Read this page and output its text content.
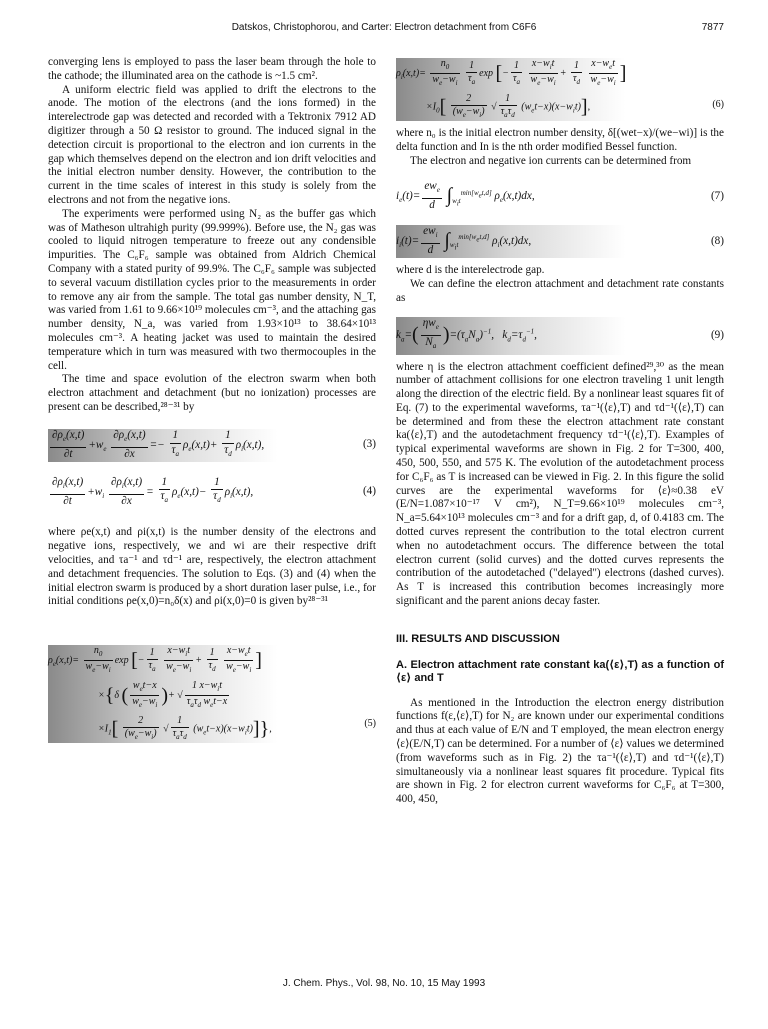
Datskos, Christophorou, and Carter: Electron detachment from C6F6	7877

converging lens is employed to pass the laser beam through the hole to the cathode; the illuminated area on the cathode is ~1.5 cm².

A uniform electric field was applied to drift the electrons to the anode. The motion of the electrons (and the ions formed) in the interelectrode gap was detected and recorded with a Tektronix 7912 AD digitizer through a 50 Ω resistor to ground. The induced signal in the detection circuit is proportional to the electron and ion currents in the gap which themselves depend on the electron and ion drift velocities and the initial electron number density. However, the contribution to the current in the time scales of interest in this study is solely from the electrons and not from the negative ions.

The experiments were performed using N₂ as the buffer gas which was of Matheson ultrahigh purity (99.999%). Before use, the N₂ gas was cooled to liquid nitrogen temperature to freeze out any condensible impurities. The C₆F₆ sample was obtained from Aldrich Chemical Company with a stated purity of 99.9%. The C₆F₆ sample was subjected to several vacuum distillation cycles prior to the measurements in order to remove any air from the sample. The total gas number density, N_T, was varied from 1.61 to 9.66×10¹⁹ molecules cm⁻³, and the attaching gas number density, N_a, was varied from 1.93×10¹³ to 38.64×10¹³ molecules cm⁻³. A heating jacket was used to maintain the desired temperature which in turn was measured with two thermocouples in the cell.

The time and space evolution of the electron swarm when both electron attachment and detachment (but no ionization) processes are present can be described,²⁸⁻³¹ by

$\frac{\partial\rho_e(x,t)}{\partial t} +w_e \frac{\partial\rho_e(x,t)}{\partial x} =- \frac{1}{\tau_a} \rho_e(x,t)+ \frac{1}{\tau_d} \rho_i(x,t)$,	(3)
$\frac{\partial\rho_i(x,t)}{\partial t} +w_i \frac{\partial\rho_i(x,t)}{\partial x} = \frac{1}{\tau_a} \rho_e(x,t)- \frac{1}{\tau_d} \rho_i(x,t)$,	(4)

where ρe(x,t) and ρi(x,t) is the number density of the electrons and negative ions, respectively, we and wi are their respective drift velocities, and τa⁻¹ and τd⁻¹ are, respectively, the electron attachment and detachment frequencies. The solution to Eqs. (3) and (4) when the initial electron swarm is produced by a short duration laser pulse, i.e., for initial conditions ρe(x,0)=n₀δ(x) and ρi(x,0)=0 is given by²⁸⁻³¹

$\rho_e(x,t)= \frac{n_0}{w_e-w_i}$ exp [− $\frac{1}{\tau_a}$
$\frac{x-w_it}{w_e-w_i} + \frac{1}{\tau_d}$
$\frac{x-w_et}{w_e-w_i}$ ]
×{δ ( $\frac{w_et-x}{w_e-w_i}$ )+ √ $\frac{1 x-w_it}{\tau_a\tau_d w_et-x}$
$\times I_1[ \frac{2}{(w_e-w_i)}$ √ $\frac{1}{\tau_a\tau_d} (w_et-x)(x-w_it)$]},
(5)
$\rho_i(x,t)= \frac{n_0}{w_e-w_i}$
$\frac{1}{\tau_a}$ exp [− $\frac{1}{\tau_a}$
$\frac{x-w_it}{w_e-w_i} + \frac{1}{\tau_d}$
$\frac{x-w_et}{w_e-w_i}$ ]
$\times I_0[ \frac{2}{(w_e-w_i)}$ √ $\frac{1}{\tau_a\tau_d} (w_et-x)(x-w_it)$],	(6)

where n₀ is the initial electron number density, δ[(wet−x)/(we−wi)] is the delta function and In is the nth order modified Bessel function.

The electron and negative ion currents can be determined from

$i_e(t)= \frac{ew_e}{d} \int_{w_it}^{min[w_et,d]}$ $\rho_e(x,t)dx$,	(7)
$i_i(t)= \frac{ew_i}{d} \int_{w_it}^{min[w_et,d]}$ $\rho_i(x,t)dx$,	(8)

where d is the interelectrode gap.

We can define the electron attachment and detachment rate constants as

$k_a=( \frac{\eta w_e}{N_a} )=(\tau_aN_a)^{-1}$,   $k_d=\tau_d^{-1}$,	(9)

where η is the electron attachment coefficient defined²⁹,³⁰ as the mean number of attachment collisions for one electron traveling 1 unit length along the direction of the electric field. By a nonlinear least squares fit of Eq. (7) to the experimental waveforms, τa⁻¹(⟨ε⟩,T) and τd⁻¹(⟨ε⟩,T) can be determined and from these the electron attachment rate constant ka(⟨ε⟩,T) and the autodetachment frequency τd⁻¹(⟨ε⟩,T). Examples of typical experimental waveforms are shown in Fig. 2 for T=300, 400, 450, 500, 550, and 575 K. The evolution of the autodetachment process for C₆F₆ as T is increased can be viewed in Fig. 2. In this figure the solid curves are the experimental waveforms for ⟨ε⟩≈0.38 eV (E/N=1.087×10⁻¹⁷ V cm²), N_T=9.66×10¹⁹ molecules cm⁻³, N_a=5.64×10¹³ molecules cm⁻³ and for a drift gap, d, of 0.4183 cm. The dotted curves represent the contribution to the total electron current when no autodetachment occurs. The difference between the total electron current (solid curves) and the dotted curves represents the contribution of the autodetached ("delayed") electrons (dashed curves). As T is increased this contribution becomes increasingly more significant and the parent anions decay faster.

III. RESULTS AND DISCUSSION
A. Electron attachment rate constant ka(⟨ε⟩,T) as a function of ⟨ε⟩ and T

As mentioned in the Introduction the electron energy distribution functions f(ε,⟨ε⟩,T) for N₂ are known under our experimental conditions and thus at each value of E/N and T employed, the mean electron energy ⟨ε⟩(E/N,T) can be determined. For a number of ⟨ε⟩ values we determined (from waveforms such as in Fig. 2) the τa⁻¹(⟨ε⟩,T) and τd⁻¹(⟨ε⟩,T) simultaneously via a nonlinear least squares fit procedure. Typical fits are shown in Fig. 2 for electron current waveforms for C₆F₆ at T=300, 400, 450,

J. Chem. Phys., Vol. 98, No. 10, 15 May 1993
